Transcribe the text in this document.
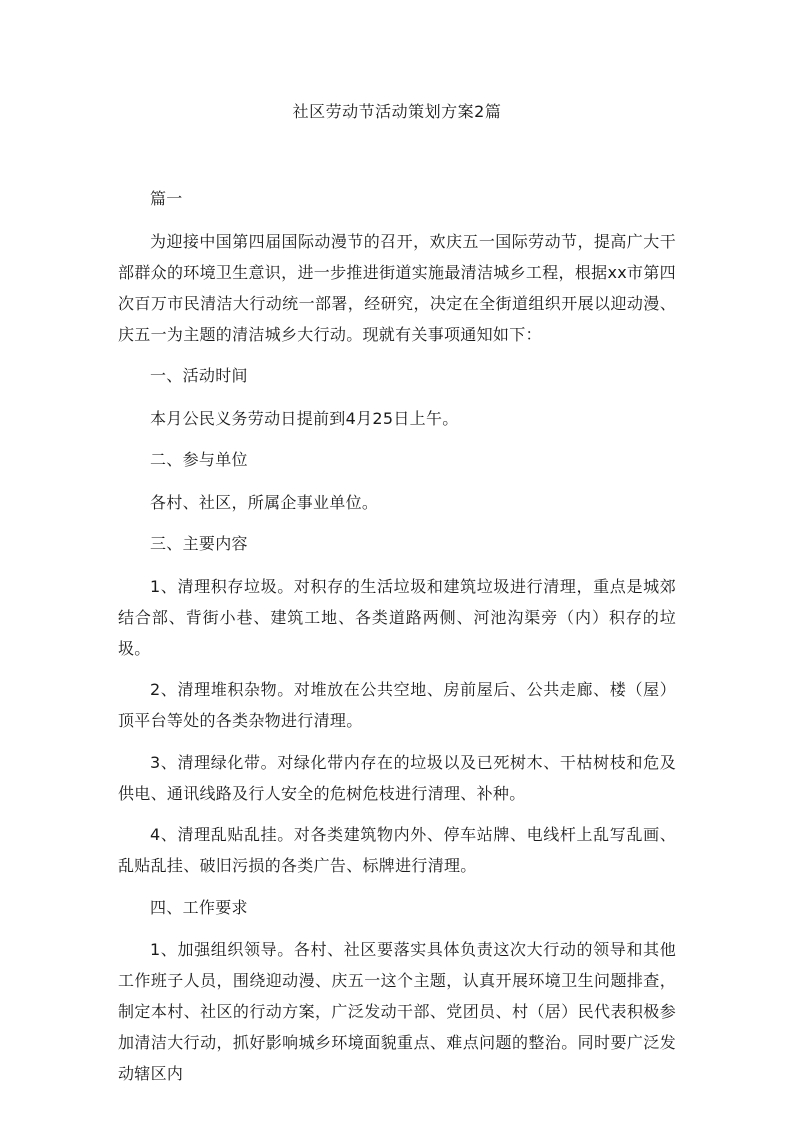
社区劳动节活动策划方案2篇

篇一

为迎接中国第四届国际动漫节的召开，欢庆五一国际劳动节，提高广大干部群众的环境卫生意识，进一步推进街道实施最清洁城乡工程，根据xx市第四次百万市民清洁大行动统一部署，经研究，决定在全街道组织开展以迎动漫、庆五一为主题的清洁城乡大行动。现就有关事项通知如下：

一、活动时间

本月公民义务劳动日提前到4月25日上午。

二、参与单位

各村、社区，所属企事业单位。

三、主要内容

1、清理积存垃圾。对积存的生活垃圾和建筑垃圾进行清理，重点是城郊结合部、背街小巷、建筑工地、各类道路两侧、河池沟渠旁（内）积存的垃圾。

2、清理堆积杂物。对堆放在公共空地、房前屋后、公共走廊、楼（屋）顶平台等处的各类杂物进行清理。

3、清理绿化带。对绿化带内存在的垃圾以及已死树木、干枯树枝和危及供电、通讯线路及行人安全的危树危枝进行清理、补种。

4、清理乱贴乱挂。对各类建筑物内外、停车站牌、电线杆上乱写乱画、乱贴乱挂、破旧污损的各类广告、标牌进行清理。

四、工作要求

1、加强组织领导。各村、社区要落实具体负责这次大行动的领导和其他工作班子人员，围绕迎动漫、庆五一这个主题，认真开展环境卫生问题排查，制定本村、社区的行动方案，广泛发动干部、党团员、村（居）民代表积极参加清洁大行动，抓好影响城乡环境面貌重点、难点问题的整治。同时要广泛发动辖区内
